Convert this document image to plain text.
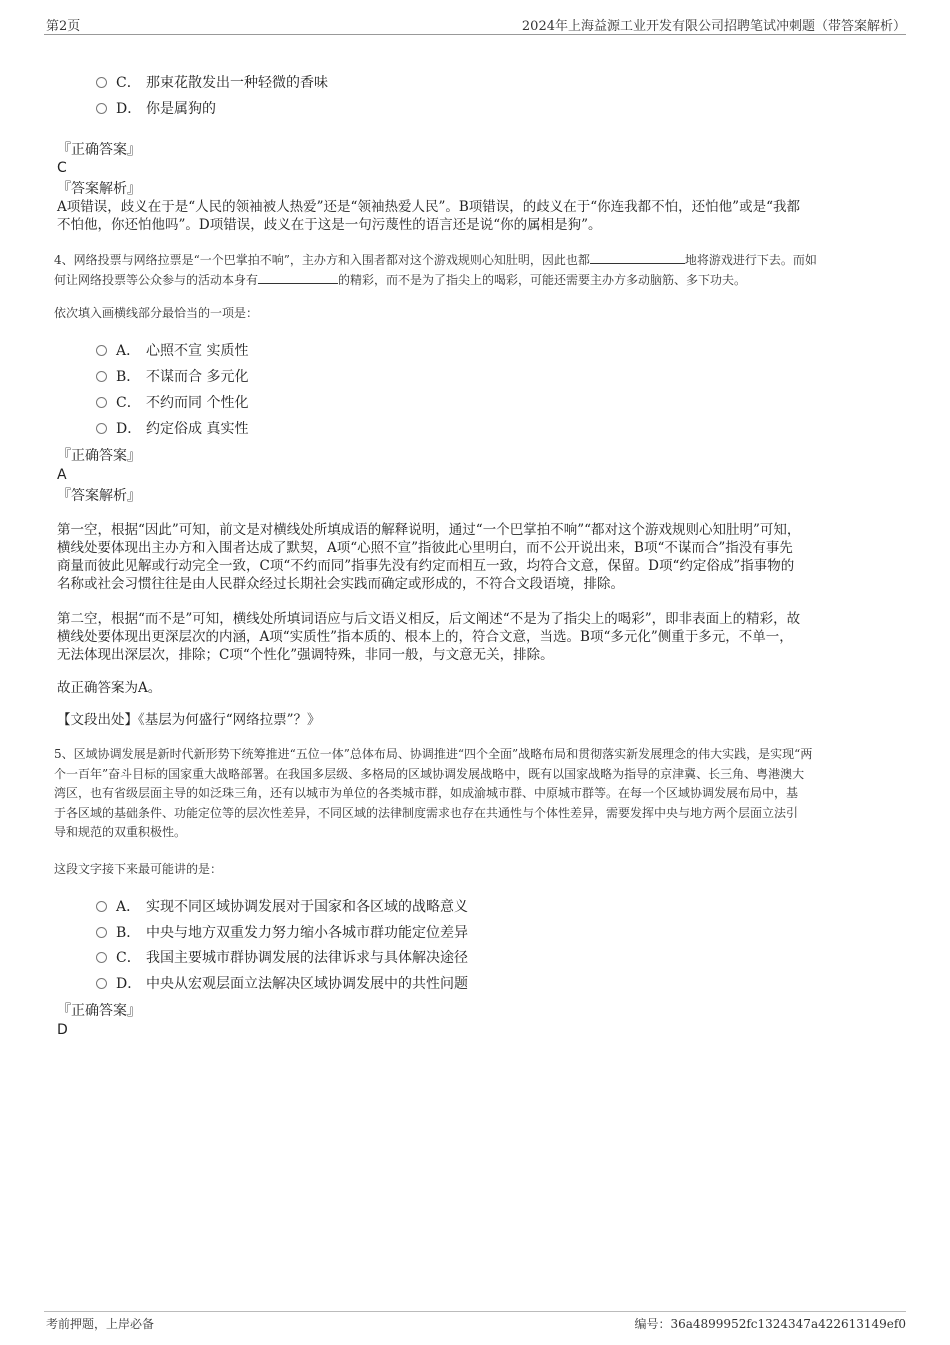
第2页	2024年上海益源工业开发有限公司招聘笔试冲刺题（带答案解析）
C． 那束花散发出一种轻微的香味
D． 你是属狗的
『正确答案』
C
『答案解析』
A项错误，歧义在于是“人民的领袖被人热爱”还是“领袖热爱人民”。B项错误，的歧义在于“你连我都不怕，还怕他”或是“我都
不怕他，你还怕他吗”。D项错误，歧义在于这是一句污蔑性的语言还是说“你的属相是狗”。
4、网络投票与网络拉票是“一个巴掌拍不响”，主办方和入围者都对这个游戏规则心知肚明，因此也都	地将游戏进行下去。而如
何让网络投票等公众参与的活动本身有	的精彩，而不是为了指尖上的喝彩，可能还需要主办方多动脑筋、多下功夫。
依次填入画横线部分最恰当的一项是：
A． 心照不宣 实质性
B． 不谋而合 多元化
C． 不约而同 个性化
D． 约定俗成 真实性
『正确答案』
A
『答案解析』
第一空，根据“因此”可知，前文是对横线处所填成语的解释说明，通过“一个巴掌拍不响”“都对这个游戏规则心知肚明”可知，
横线处要体现出主办方和入围者达成了默契，A项“心照不宣”指彼此心里明白，而不公开说出来，B项“不谋而合”指没有事先
商量而彼此见解或行动完全一致，C项“不约而同”指事先没有约定而相互一致，均符合文意，保留。D项“约定俗成”指事物的
名称或社会习惯往往是由人民群众经过长期社会实践而确定或形成的，不符合文段语境，排除。
第二空，根据“而不是”可知，横线处所填词语应与后文语义相反，后文阐述“不是为了指尖上的喝彩”，即非表面上的精彩，故
横线处要体现出更深层次的内涵，A项“实质性”指本质的、根本上的，符合文意，当选。B项“多元化”侧重于多元，不单一，
无法体现出深层次，排除；C项“个性化”强调特殊，非同一般，与文意无关，排除。
故正确答案为A。
【文段出处】《基层为何盛行“网络拉票”？》
5、区域协调发展是新时代新形势下统筹推进“五位一体”总体布局、协调推进“四个全面”战略布局和贯彻落实新发展理念的伟大实践，是实现“两
个一百年”奋斗目标的国家重大战略部署。在我国多层级、多格局的区域协调发展战略中，既有以国家战略为指导的京津冀、长三角、粤港澳大
湾区，也有省级层面主导的如泛珠三角，还有以城市为单位的各类城市群，如成渝城市群、中原城市群等。在每一个区域协调发展布局中，基
于各区域的基础条件、功能定位等的层次性差异，不同区域的法律制度需求也存在共通性与个体性差异，需要发挥中央与地方两个层面立法引
导和规范的双重积极性。
这段文字接下来最可能讲的是：
A． 实现不同区域协调发展对于国家和各区域的战略意义
B． 中央与地方双重发力努力缩小各城市群功能定位差异
C． 我国主要城市群协调发展的法律诉求与具体解决途径
D． 中央从宏观层面立法解决区域协调发展中的共性问题
『正确答案』
D
考前押题，上岸必备	编号：36a4899952fc1324347a422613149ef0
